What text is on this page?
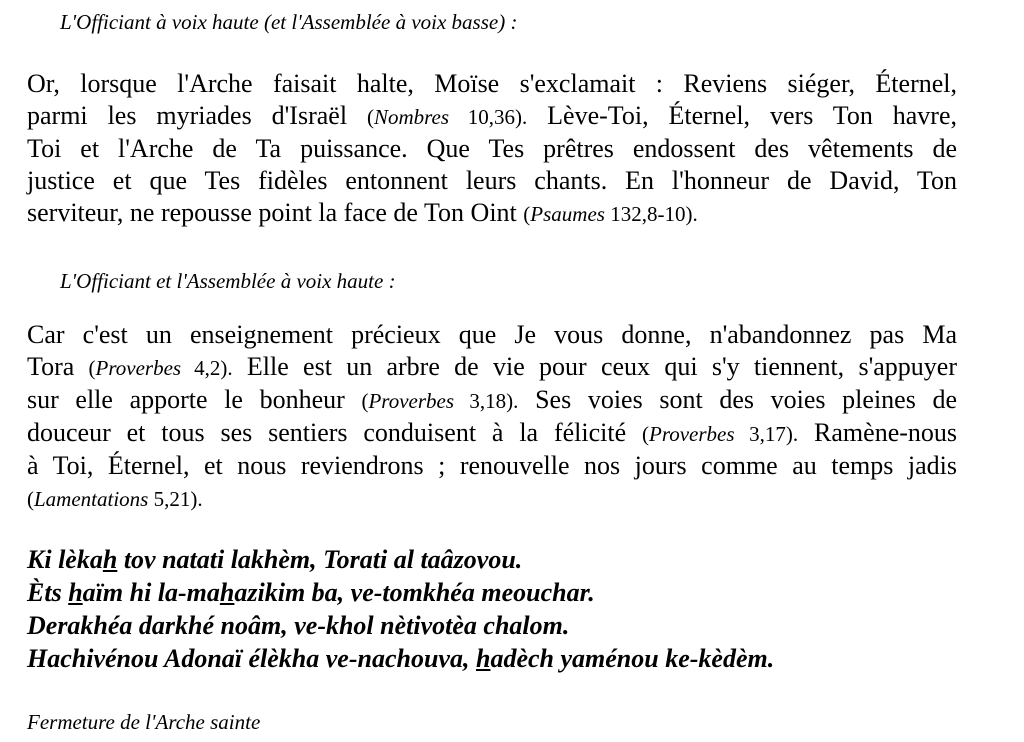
L'Officiant à voix haute (et l'Assemblée à voix basse) :
Or, lorsque l'Arche faisait halte, Moïse s'exclamait : Reviens siéger, Éternel,
parmi les myriades d'Israël (Nombres 10,36). Lève-Toi, Éternel, vers Ton havre,
Toi et l'Arche de Ta puissance. Que Tes prêtres endossent des vêtements de
justice et que Tes fidèles entonnent leurs chants. En l'honneur de David, Ton
serviteur, ne repousse point la face de Ton Oint (Psaumes 132,8-10).
L'Officiant et l'Assemblée à voix haute :
Car c'est un enseignement précieux que Je vous donne, n'abandonnez pas Ma
Tora (Proverbes 4,2). Elle est un arbre de vie pour ceux qui s'y tiennent, s'appuyer
sur elle apporte le bonheur (Proverbes 3,18). Ses voies sont des voies pleines de
douceur et tous ses sentiers conduisent à la félicité (Proverbes 3,17). Ramène-nous
à Toi, Éternel, et nous reviendrons ; renouvelle nos jours comme au temps jadis
(Lamentations 5,21).
Ki lèkah tov natati lakhèm, Torati al taâzovou.
Èts haïm hi la-mahazikim ba, ve-tomkhéa meouchar.
Derakhéa darkhé noâm, ve-khol nètivotèa chalom.
Hachivénou Adonaï élèkha ve-nachouva, hadèch yaménou ke-kèdèm.
Fermeture de l'Arche sainte
